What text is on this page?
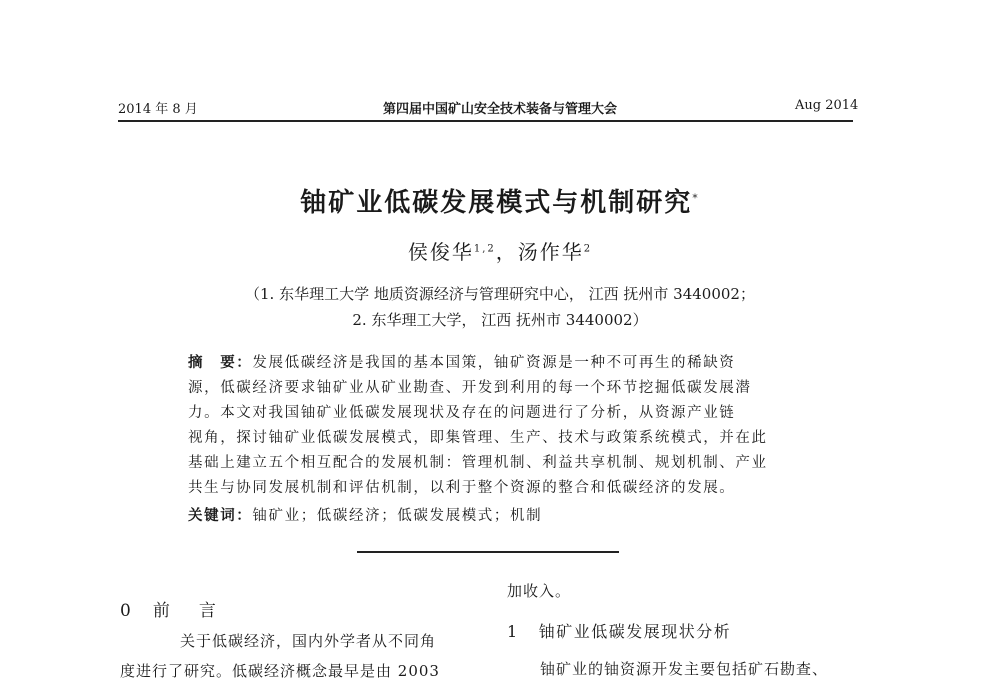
2014 年 8 月	第四届中国矿山安全技术装备与管理大会	Aug 2014
铀矿业低碳发展模式与机制研究*
侯俊华$^{1,2}$，汤作华$^2$
（1. 东华理工大学 地质资源经济与管理研究中心， 江西 抚州市 3440002；
2. 东华理工大学， 江西 抚州市 3440002）
摘　要：发展低碳经济是我国的基本国策，铀矿资源是一种不可再生的稀缺资
源，低碳经济要求铀矿业从矿业勘查、开发到利用的每一个环节挖掘低碳发展潜
力。本文对我国铀矿业低碳发展现状及存在的问题进行了分析，从资源产业链
视角，探讨铀矿业低碳发展模式，即集管理、生产、技术与政策系统模式，并在此
基础上建立五个相互配合的发展机制：管理机制、利益共享机制、规划机制、产业
共生与协同发展机制和评估机制，以利于整个资源的整合和低碳经济的发展。
关键词：铀矿业；低碳经济；低碳发展模式；机制
0 前　言
关于低碳经济，国内外学者从不同角
度进行了研究。低碳经济概念最早是由 2003
加收入。
1 铀矿业低碳发展现状分析
铀矿业的铀资源开发主要包括矿石勘查、
